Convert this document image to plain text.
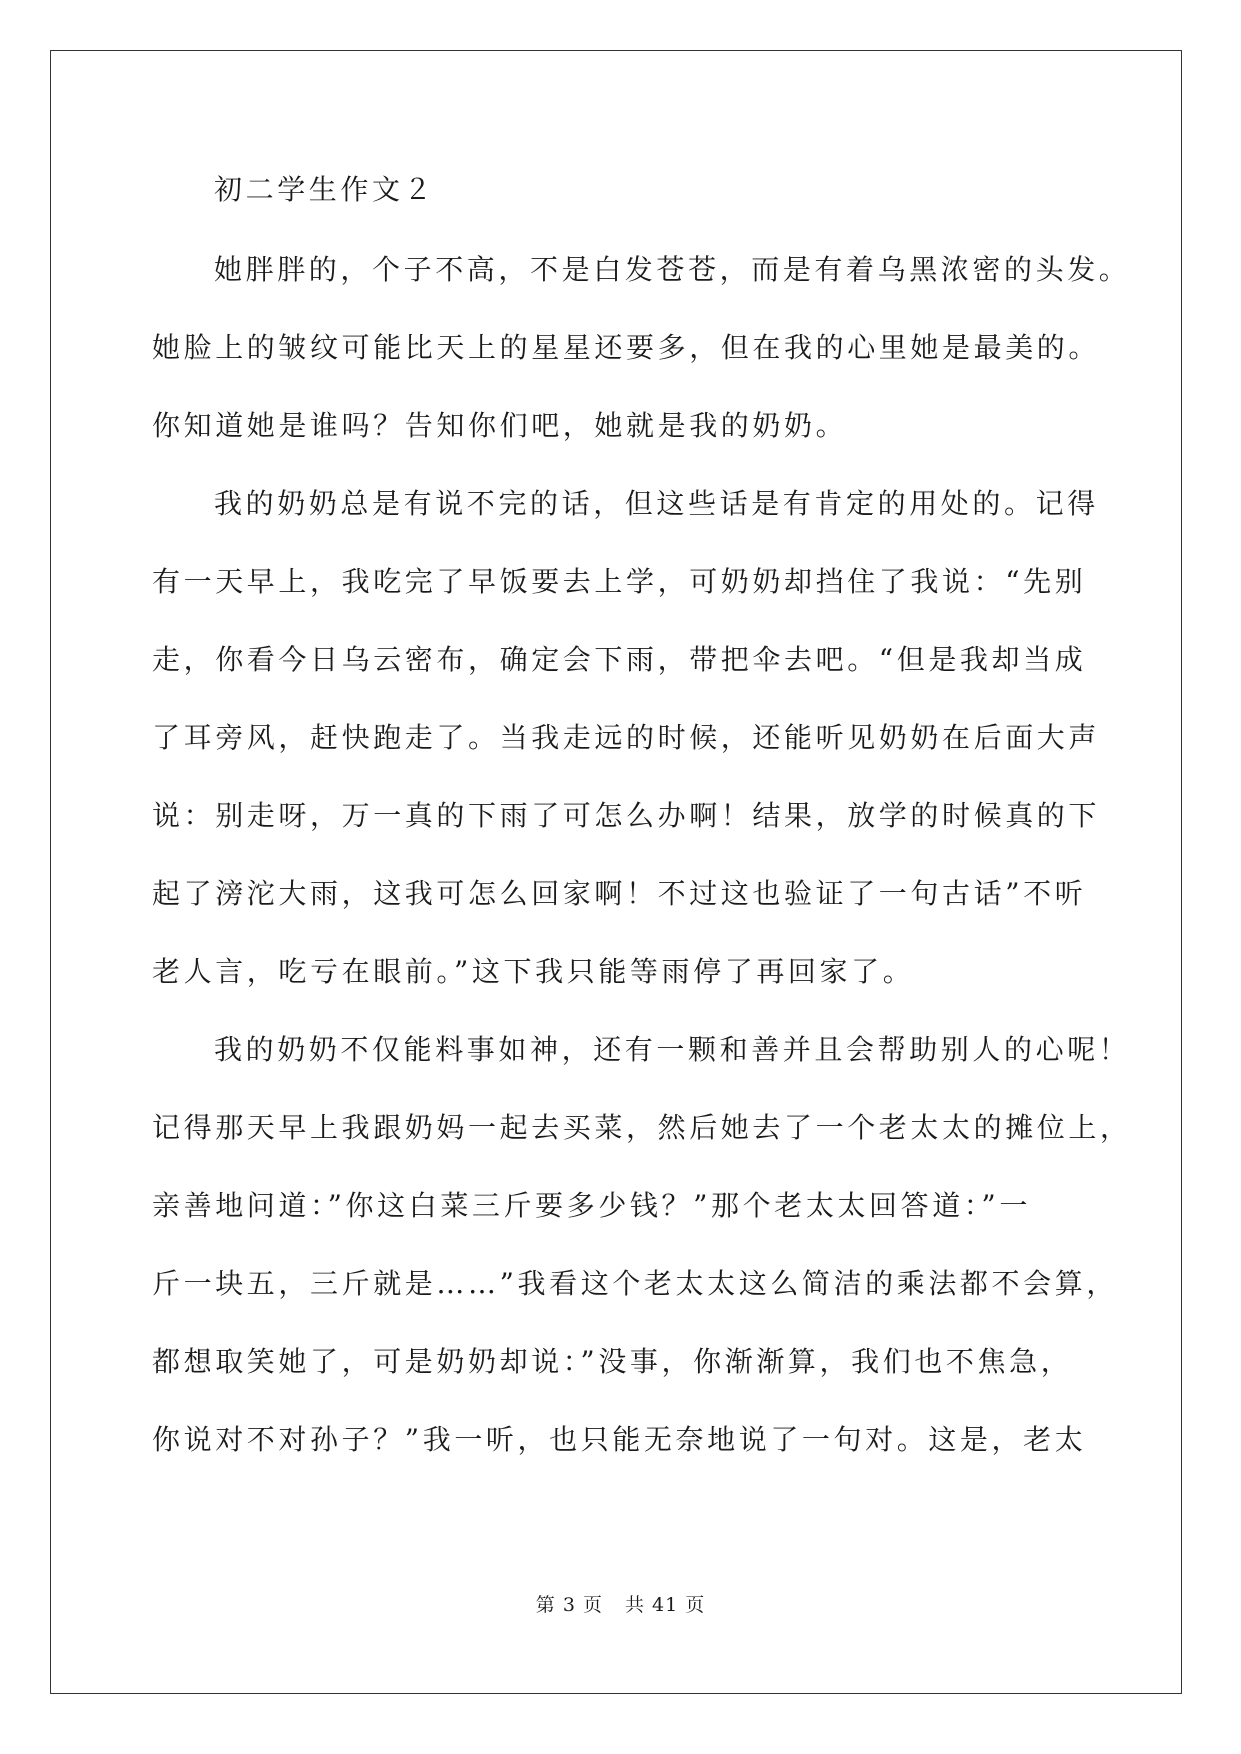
初二学生作文２
她胖胖的，个子不高，不是白发苍苍，而是有着乌黑浓密的头发。
她脸上的皱纹可能比天上的星星还要多，但在我的心里她是最美的。
你知道她是谁吗？告知你们吧，她就是我的奶奶。
我的奶奶总是有说不完的话，但这些话是有肯定的用处的。记得
有一天早上，我吃完了早饭要去上学，可奶奶却挡住了我说：“先别
走，你看今日乌云密布，确定会下雨，带把伞去吧。“但是我却当成
了耳旁风，赶快跑走了。当我走远的时候，还能听见奶奶在后面大声
说：别走呀，万一真的下雨了可怎么办啊！结果，放学的时候真的下
起了滂沱大雨，这我可怎么回家啊！不过这也验证了一句古话”不听
老人言，吃亏在眼前。”这下我只能等雨停了再回家了。
我的奶奶不仅能料事如神，还有一颗和善并且会帮助别人的心呢！
记得那天早上我跟奶妈一起去买菜，然后她去了一个老太太的摊位上，
亲善地问道：”你这白菜三斤要多少钱？”那个老太太回答道：”一
斤一块五，三斤就是……”我看这个老太太这么简洁的乘法都不会算，
都想取笑她了，可是奶奶却说：”没事，你渐渐算，我们也不焦急，
你说对不对孙子？”我一听，也只能无奈地说了一句对。这是，老太
第 3 页 共 41 页
